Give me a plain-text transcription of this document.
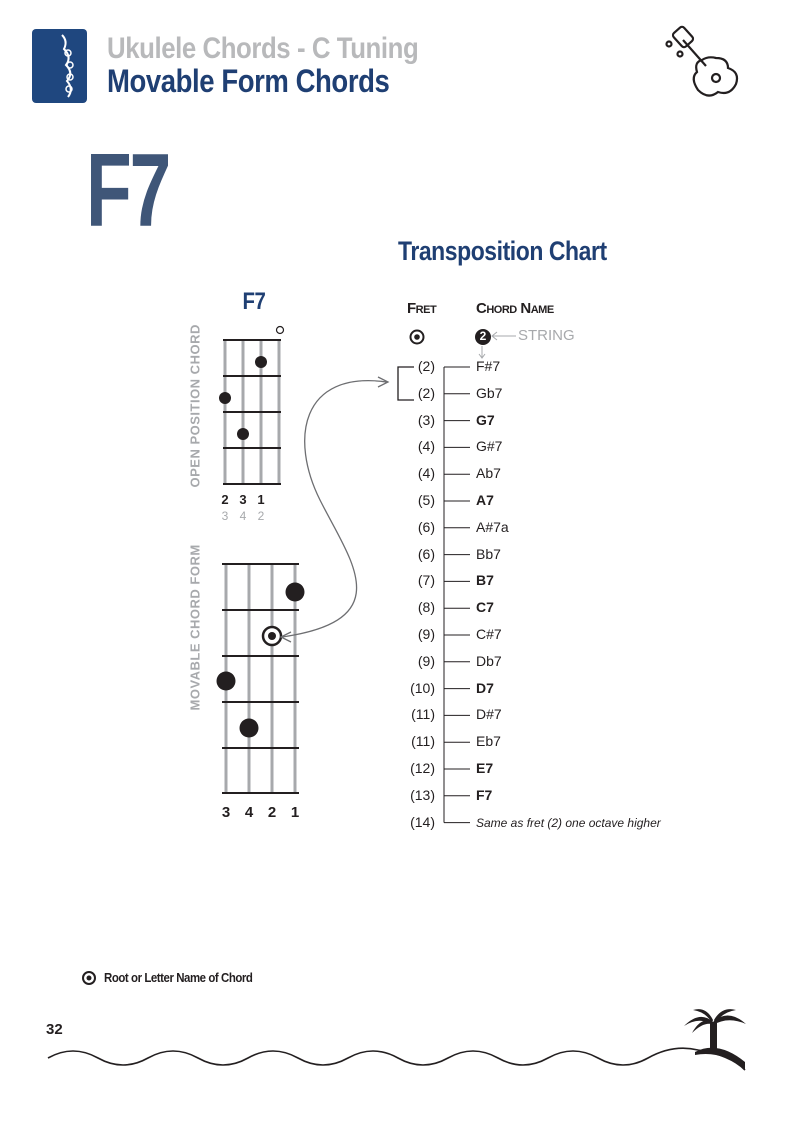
Ukulele Chords - C Tuning
Movable Form Chords
F7
Transposition Chart
F7
OPEN POSITION CHORD
MOVABLE CHORD FORM
2 3 1
3 4 2
3 4 2 1
Fret	Chord Name
STRING
2
(2)	F#7
(2)	Gb7
(3)	G7
(4)	G#7
(4)	Ab7
(5)	A7
(6)	A#7a
(6)	Bb7
(7)	B7
(8)	C7
(9)	C#7
(9)	Db7
(10)	D7
(11)	D#7
(11)	Eb7
(12)	E7
(13)	F7
(14)	Same as fret (2) one octave higher
Root or Letter Name of Chord
32
